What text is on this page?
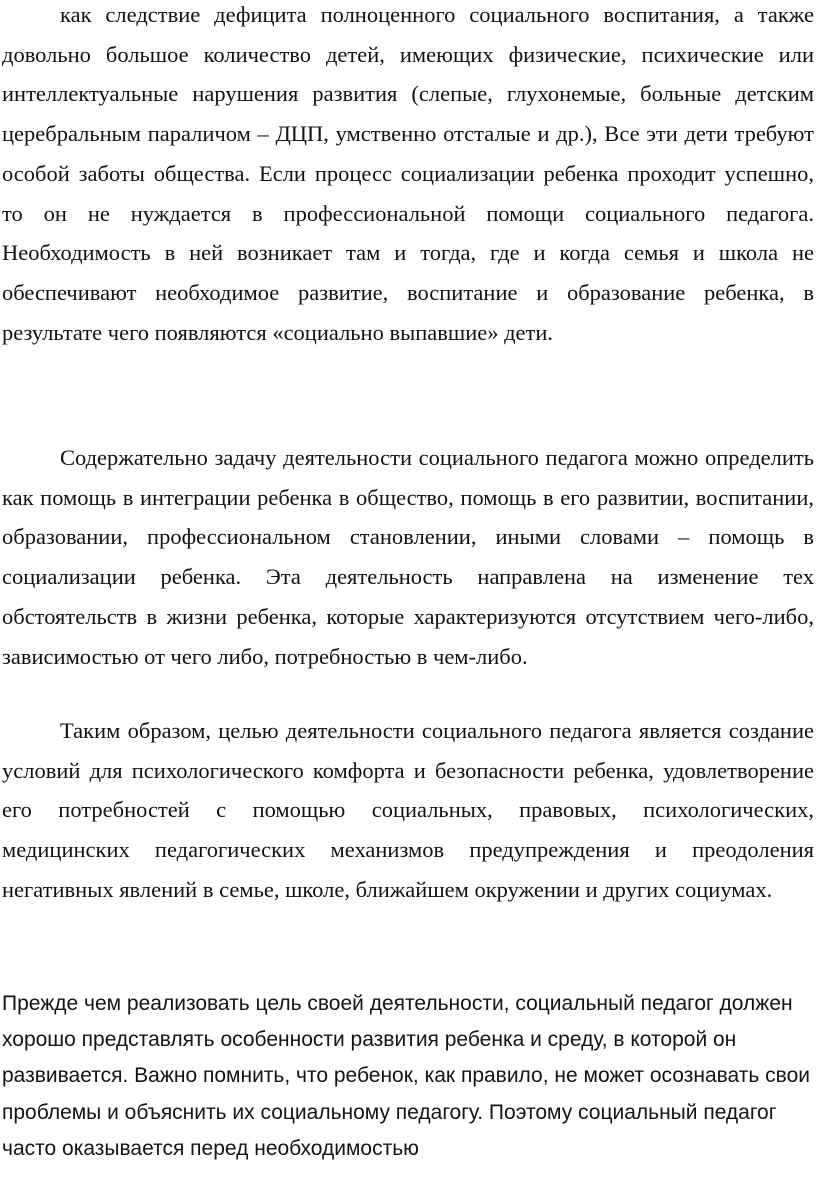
как следствие дефицита полноценного социального воспитания, а также довольно большое количество детей, имеющих физические, психические или интеллектуальные нарушения развития (слепые, глухонемые, больные детским церебральным параличом – ДЦП, умственно отсталые и др.), Все эти дети требуют особой заботы общества. Если процесс социализации ребенка проходит успешно, то он не нуждается в профессиональной помощи социального педагога. Необходимость в ней возникает там и тогда, где и когда семья и школа не обеспечивают необходимое развитие, воспитание и образование ребенка, в результате чего появляются «социально выпавшие» дети.

Содержательно задачу деятельности социального педагога можно определить как помощь в интеграции ребенка в общество, помощь в его развитии, воспитании, образовании, профессиональном становлении, иными словами – помощь в социализации ребенка. Эта деятельность направлена на изменение тех обстоятельств в жизни ребенка, которые характеризуются отсутствием чего-либо, зависимостью от чего либо, потребностью в чем-либо.

Таким образом, целью деятельности социального педагога является создание условий для психологического комфорта и безопасности ребенка, удовлетворение его потребностей с помощью социальных, правовых, психологических, медицинских педагогических механизмов предупреждения и преодоления негативных явлений в семье, школе, ближайшем окружении и других социумах.

Прежде чем реализовать цель своей деятельности, социальный педагог должен хорошо представлять особенности развития ребенка и среду, в которой он развивается. Важно помнить, что ребенок, как правило, не может осознавать свои проблемы и объяснить их социальному педагогу. Поэтому социальный педагог часто оказывается перед необходимостью
